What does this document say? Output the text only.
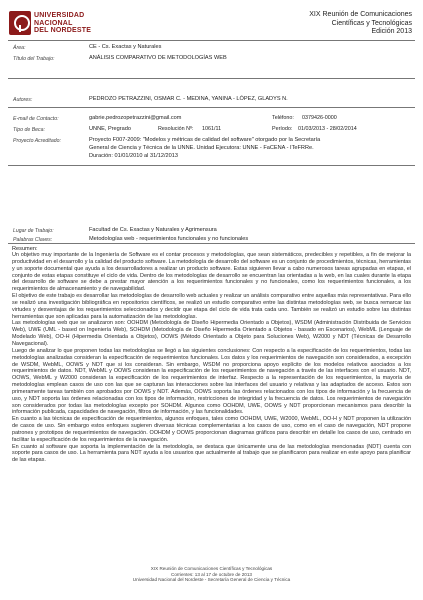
UNIVERSIDAD
NACIONAL
DEL NORDESTE
XIX Reunión de Comunicaciones
Científicas y Tecnológicas
Edición 2013
Área:	CE - Cs. Exactas y Naturales
Título del Trabajo:	ANÁLISIS COMPARATIVO DE METODOLOGÍAS WEB
Autores:	PEDROZO PETRAZZINI, OSMAR C. - MEDINA, YANINA - LÓPEZ, GLADYS N.
E-mail de Contacto:	gabrie.pedrozopetrazzini@gmail.com	Teléfono: 0379426-0000
Tipo de Beca:	UNNE, Pregrado	Resolución Nº: 1061/11	Período: 01/03/2013 - 28/02/2014
Proyecto Acreditado:	Proyecto F007-2009: "Modelos y métricas de calidad del software" otorgado por la Secretaría
General de Ciencia y Técnica de la UNNE. Unidad Ejecutora: UNNE - FaCENA - ITeFRRe.
Duración: 01/01/2010 al 31/12/2013
Lugar de Trabajo:	Facultad de Cs. Exactas y Naturales y Agrimensura
Palabras Claves:	Metodologías web - requerimientos funcionales y no funcionales
Resumen:

Un objetivo muy importante de la Ingeniería de Software es el contar procesos y metodologías, que sean sistemáticos, predecibles y repetibles, a fin de mejorar la productividad en el desarrollo y la calidad del producto software. La metodología de desarrollo del software es un conjunto de procedimientos, técnicas, herramientas y un soporte documental que ayuda a los desarrolladores a realizar un producto software. Estas siguieren llevar a cabo numerosos tareas agrupadas en etapas, el conjunto de estas etapas constituye el ciclo de vida. Dentro de los metodologías de desarrollo se encuentran las orientadas a la web, en las cuales durante la etapa del desarrollo de software se debe a prestar mayor atención a los requerimientos funcionales y no funcionales, como los requerimientos funcionales, a los requerimientos de almacenamiento y de navegabilidad.

El objetivo de este trabajo es desarrollar las metodologías de desarrollo web actuales y realizar un análisis comparativo entre aquellas más representativas. Para ello se realizó una investigación bibliográfica en repositorios científicos, se realizó un estudio comparativo entre las distintas metodologías web, se busca remarcar las virtudes y desventajas de los requerimientos seleccionados y decidir que etapa del ciclo de vida trata cada uno. También se realizó un estudio sobre las distintas herramientas que son aplicadas para la automatización de las metodologías.

Las metodologías web que se analizaron son: OOHDM (Metodología de Diseño Hipermedia Orientado a Objetos), WSDM (Administración Distribuida de Servicios Web), UWE (UML - based on Ingeniería Web), SOHDM (Metodología de Diseño Hipermedia Orientado a Objetos - basado en Escenarios), WebML (Lenguaje de Modelado Web), OO-H (Hipermedia Orientada a Objetos), OOWS (Método Orientado a Objeto para Soluciones Web), W2000 y NDT (Técnicas de Desarrollo Navegacional).

Luego de analizar lo que proponen todas las metodologías se llegó a las siguientes conclusiones: Con respecto a la especificación de los requerimientos, todas las metodologías analizadas consideran la especificación de requerimientos funcionales. Los datos y los requerimientos de navegación son considerados, a excepción de WSDM, WebML, OOWS y NDT que si los consideran. Sin embargo, WSDM no proporciona apoyo explícito de los modelos relativos asociados a los requerimientos de datos. NDT, WebML y OOWS consideran la especificación de los requerimientos de navegación a través de las interfaces con el usuario. NDT, OOWS, WebML y W2000 consideran la especificación de los requerimientos de interfaz. Respecto a la representación de los requerimientos, la mayoría de metodologías emplean casos de uso con las que se capturan las interacciones sobre las interfaces del usuario y relativas y las adaptados de acceso. Estos son primeramente tareas también con aprobados por OOWS y NDT. Además, OOWS soporta las órdenes relacionados con los tipos de información y la frecuencia de uso, y NDT soporta las órdenes relacionadas con los tipos de información, restricciones de integridad y la frecuencia de datos. Los requerimientos de navegación son considerados por todas las metodologías excepto por SOHDM. Algunos como OOHDM, UWE, OOWS y NDT proporcionan mecanismos para describir la información publicada, capacidades de navegación, filtros de información, y las funcionalidades.

En cuanto a las técnicas de especificación de requerimientos, algunos enfoques, tales como OOHDM, UWE, W2000, WebML, OO-H y NDT proponen la utilización de casos de uso. Sin embargo estos enfoques sugieren diversas técnicas complementarias a los casos de uso, como en el caso de navegación, NDT propone patrones y prototipos de requerimientos de navegación. OOHDM y OOWS proporcionan diagramas gráficos para describir en detalle los casos de uso, centrado en facilitar la especificación de los requerimientos de la navegación.

En cuanto al software que soporta la implementación de la metodología, se destaca que únicamente una de las metodologías mencionadas (NDT) cuenta con soporte para casos de uso. La herramienta para NDT ayuda a los usuarios que actualmente al trabajo que se planificaron para realizar en este apoyo para planificar de las etapas.

XIX Reunión de Comunicaciones Científicas y Tecnológicas
Corrientes: 13 al 17 de octubre de 2013
Universidad Nacional del Nordeste - Secretaría General de Ciencia y Técnica
